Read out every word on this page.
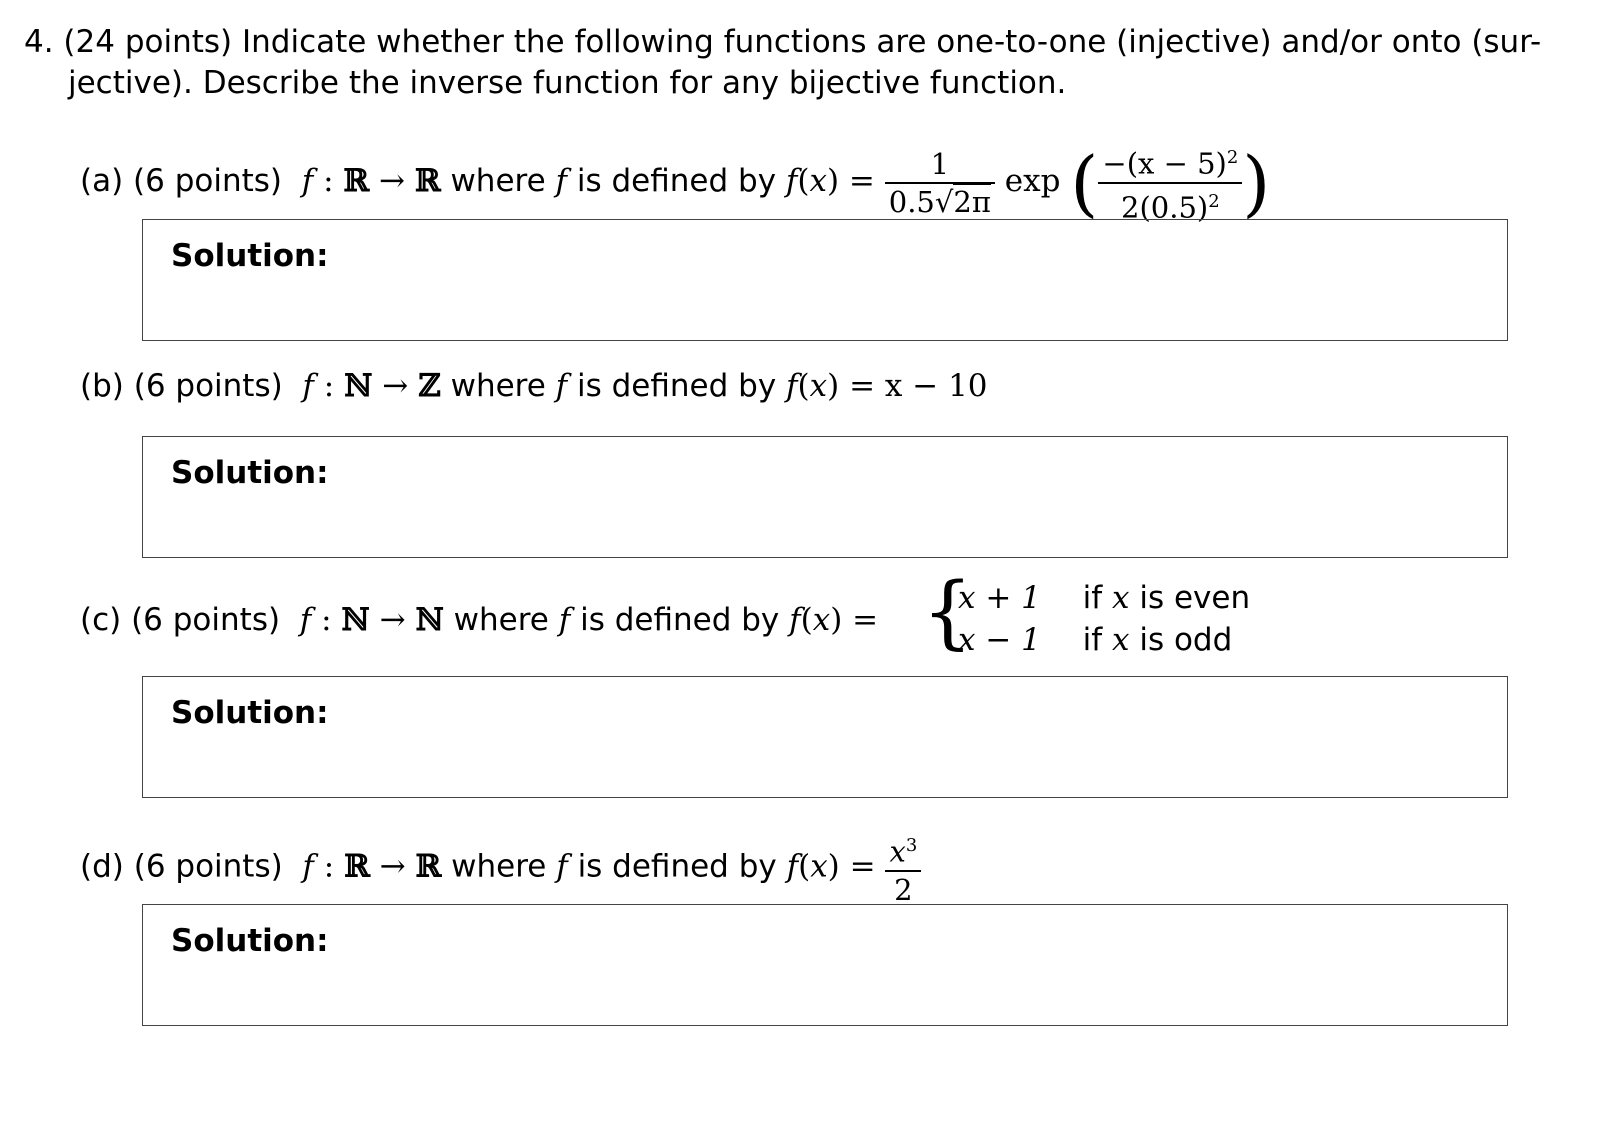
4. (24 points) Indicate whether the following functions are one-to-one (injective) and/or onto (sur-
jective). Describe the inverse function for any bijective function.
(a) (6 points)  f : ℝ → ℝ where f is defined by $f(x) = \frac{1}{0.5√2\pi}$ exp ( $\frac{-(x - 5)^2}{2(0.5)^2}$ )
Solution:
(b) (6 points)  f : ℕ → ℤ where f is defined by f(x) = x − 10
Solution:
(c) (6 points)  f : ℕ → ℕ where f is defined by f(x) = {
x + 1 if x is even
x − 1 if x is odd
Solution:
(d) (6 points)  f : ℝ → ℝ where f is defined by $f(x) = \frac{x^3}{2}$
Solution:
